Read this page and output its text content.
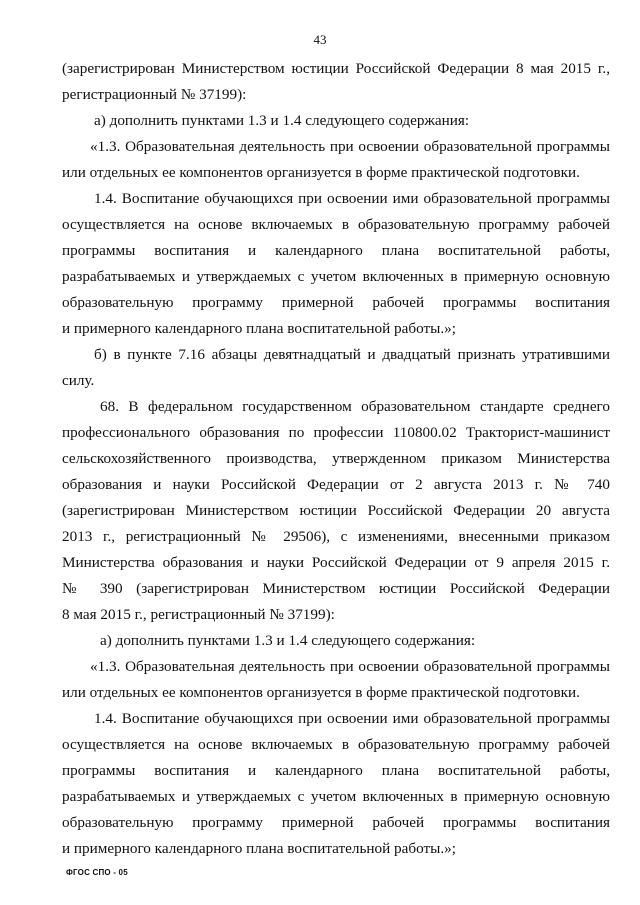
43
(зарегистрирован Министерством юстиции Российской Федерации 8 мая 2015 г.,
регистрационный № 37199):
а) дополнить пунктами 1.3 и 1.4 следующего содержания:
«1.3. Образовательная деятельность при освоении образовательной программы
или отдельных ее компонентов организуется в форме практической подготовки.
1.4. Воспитание обучающихся при освоении ими образовательной программы
осуществляется на основе включаемых в образовательную программу рабочей
программы воспитания и календарного плана воспитательной работы,
разрабатываемых и утверждаемых с учетом включенных в примерную основную
образовательную программу примерной рабочей программы воспитания
и примерного календарного плана воспитательной работы.»;
б) в пункте 7.16 абзацы девятнадцатый и двадцатый признать утратившими
силу.
68. В федеральном государственном образовательном стандарте среднего
профессионального образования по профессии 110800.02 Тракторист-машинист
сельскохозяйственного производства, утвержденном приказом Министерства
образования и науки Российской Федерации от 2 августа 2013 г. № 740
(зарегистрирован Министерством юстиции Российской Федерации 20 августа
2013 г., регистрационный № 29506), с изменениями, внесенными приказом
Министерства образования и науки Российской Федерации от 9 апреля 2015 г.
№ 390 (зарегистрирован Министерством юстиции Российской Федерации
8 мая 2015 г., регистрационный № 37199):
а) дополнить пунктами 1.3 и 1.4 следующего содержания:
«1.3. Образовательная деятельность при освоении образовательной программы
или отдельных ее компонентов организуется в форме практической подготовки.
1.4. Воспитание обучающихся при освоении ими образовательной программы
осуществляется на основе включаемых в образовательную программу рабочей
программы воспитания и календарного плана воспитательной работы,
разрабатываемых и утверждаемых с учетом включенных в примерную основную
образовательную программу примерной рабочей программы воспитания
и примерного календарного плана воспитательной работы.»;
ФГОС СПО - 05
